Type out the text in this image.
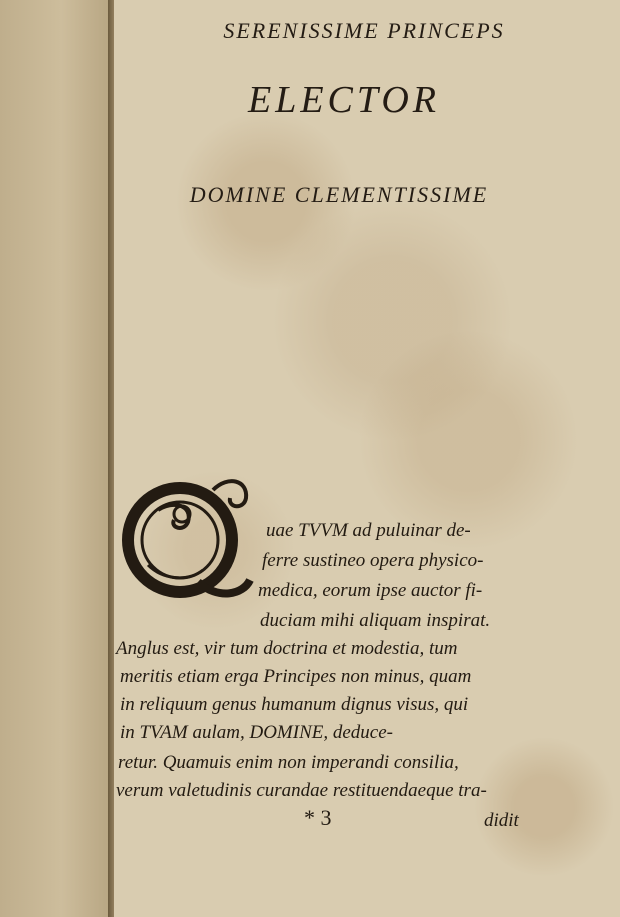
SERENISSIME PRINCEPS
ELECTOR
DOMINE CLEMENTISSIME
uae TVVM ad puluinar de-
ferre sustineo opera physico-
medica, eorum ipse auctor fi-
duciam mihi aliquam inspirat.
Anglus est, vir tum doctrina et modestia, tum
meritis etiam erga Principes non minus, quam
in reliquum genus humanum dignus visus, qui
in TVAM aulam, DOMINE, deduce-
retur. Quamuis enim non imperandi consilia,
verum valetudinis curandae restituendaeque tra-
* 3	didit
